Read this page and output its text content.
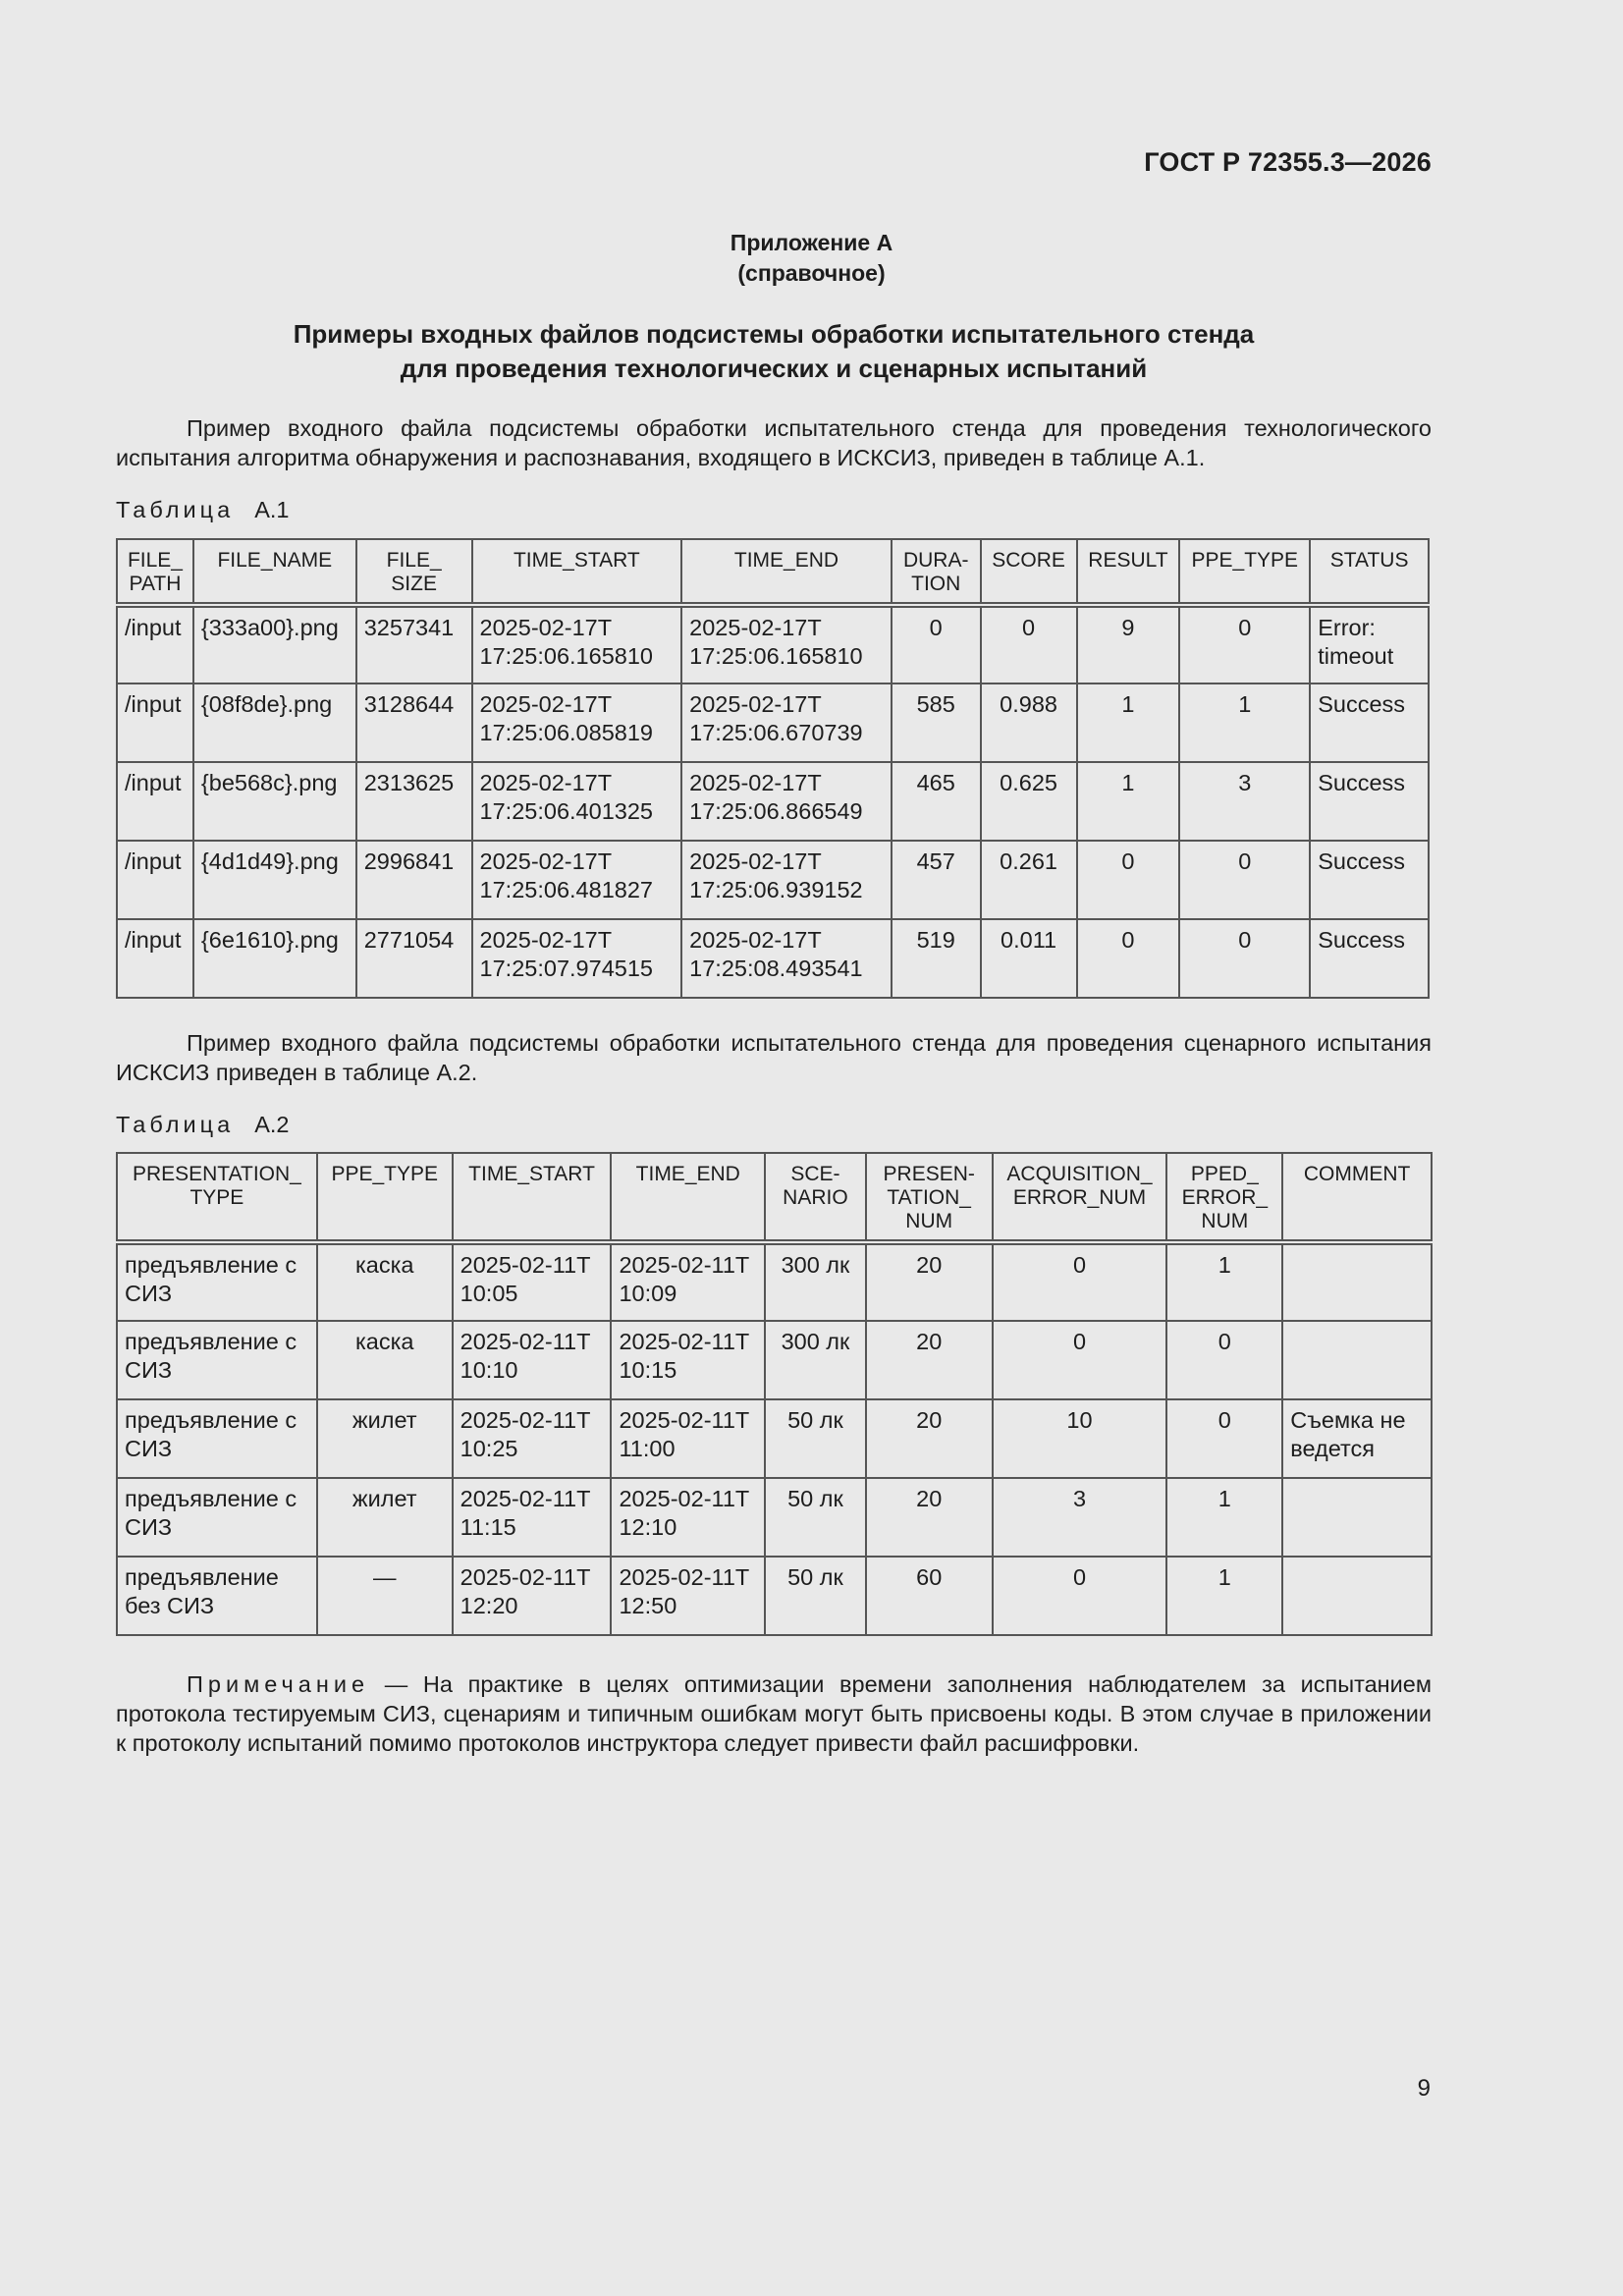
ГОСТ Р 72355.3—2026
Приложение А
(справочное)
Примеры входных файлов подсистемы обработки испытательного стенда
для проведения технологических и сценарных испытаний
Пример входного файла подсистемы обработки испытательного стенда для проведения технологического испытания алгоритма обнаружения и распознавания, входящего в ИСКСИЗ, приведен в таблице А.1.
Таблица А.1
FILE_ PATH	FILE_NAME	FILE_ SIZE	TIME_START	TIME_END	DURA- TION	SCORE	RESULT	PPE_TYPE	STATUS
/input	{333a00}.png	3257341	2025-02-17T 17:25:06.165810	2025-02-17T 17:25:06.165810	0	0	9	0	Error: timeout
/input	{08f8de}.png	3128644	2025-02-17T 17:25:06.085819	2025-02-17T 17:25:06.670739	585	0.988	1	1	Success
/input	{be568c}.png	2313625	2025-02-17T 17:25:06.401325	2025-02-17T 17:25:06.866549	465	0.625	1	3	Success
/input	{4d1d49}.png	2996841	2025-02-17T 17:25:06.481827	2025-02-17T 17:25:06.939152	457	0.261	0	0	Success
/input	{6e1610}.png	2771054	2025-02-17T 17:25:07.974515	2025-02-17T 17:25:08.493541	519	0.011	0	0	Success
Пример входного файла подсистемы обработки испытательного стенда для проведения сценарного испытания ИСКСИЗ приведен в таблице А.2.
Таблица А.2
PRESENTATION_ TYPE	PPE_TYPE	TIME_START	TIME_END	SCE- NARIO	PRESEN- TATION_ NUM	ACQUISITION_ ERROR_NUM	PPED_ ERROR_ NUM	COMMENT
предъявление с СИЗ	каска	2025-02-11T 10:05	2025-02-11T 10:09	300 лк	20	0	1	
предъявление с СИЗ	каска	2025-02-11T 10:10	2025-02-11T 10:15	300 лк	20	0	0	
предъявление с СИЗ	жилет	2025-02-11T 10:25	2025-02-11T 11:00	50 лк	20	10	0	Съемка не ведется
предъявление с СИЗ	жилет	2025-02-11T 11:15	2025-02-11T 12:10	50 лк	20	3	1	
предъявление без СИЗ	—	2025-02-11T 12:20	2025-02-11T 12:50	50 лк	60	0	1	
Примечание — На практике в целях оптимизации времени заполнения наблюдателем за испытанием протокола тестируемым СИЗ, сценариям и типичным ошибкам могут быть присвоены коды. В этом случае в приложении к протоколу испытаний помимо протоколов инструктора следует привести файл расшифровки.
9
